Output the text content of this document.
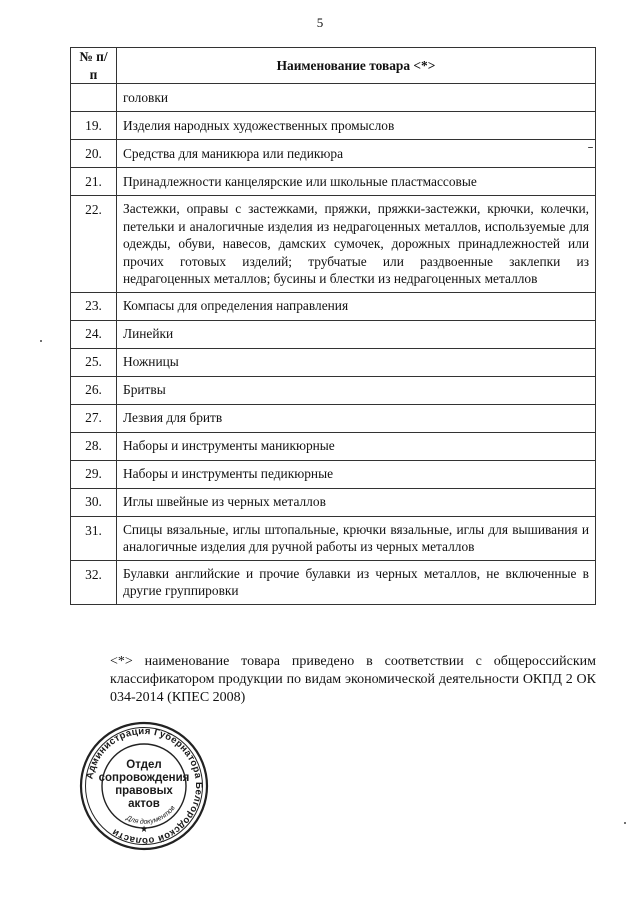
5
№ п/п	Наименование товара <*>
	головки
19.	Изделия народных художественных промыслов
20.	Средства для маникюра или педикюра
21.	Принадлежности канцелярские или школьные пластмассовые
22.	Застежки, оправы с застежками, пряжки, пряжки-застежки, крючки, колечки, петельки и аналогичные изделия из недрагоценных металлов, используемые для одежды, обуви, навесов, дамских сумочек, дорожных принадлежностей или прочих готовых изделий; трубчатые или раздвоенные заклепки из недрагоценных металлов; бусины и блестки из недрагоценных металлов
23.	Компасы для определения направления
24.	Линейки
25.	Ножницы
26.	Бритвы
27.	Лезвия для бритв
28.	Наборы и инструменты маникюрные
29.	Наборы и инструменты педикюрные
30.	Иглы швейные из черных металлов
31.	Спицы вязальные, иглы штопальные, крючки вязальные, иглы для вышивания и аналогичные изделия для ручной работы из черных металлов
32.	Булавки английские и прочие булавки из черных металлов, не включенные в другие группировки
<*> наименование товара приведено в соответствии с общероссийским классификатором продукции по видам экономической деятельности ОКПД 2 ОК 034-2014 (КПЕС 2008)
Администрация Губернатора Белгородской области
Для документов
★
Отдел
сопровождения
правовых
актов
